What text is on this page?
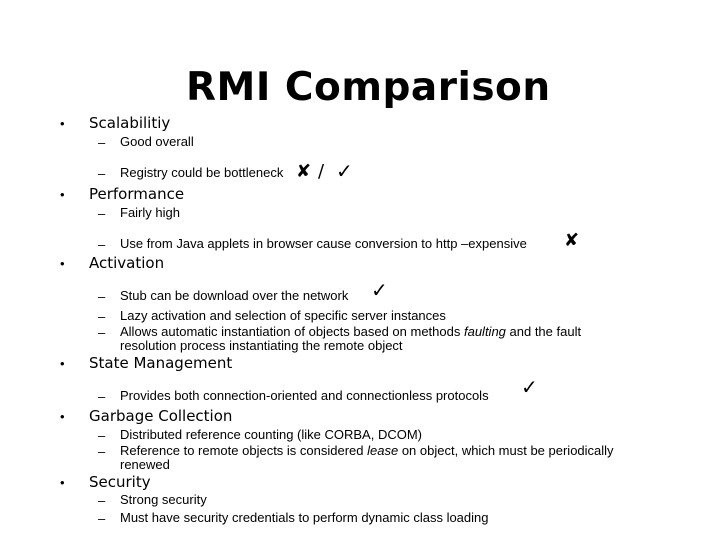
RMI Comparison
• Scalabilitiy
– Good overall
– Registry could be bottleneck ✘ / ✓
• Performance
– Fairly high
– Use from Java applets in browser cause conversion to http –expensive ✘
• Activation
– Stub can be download over the network ✓
– Lazy activation and selection of specific server instances
– Allows automatic instantiation of objects based on methods faulting and the fault
resolution process instantiating the remote object
• State Management
– Provides both connection-oriented and connectionless protocols ✓
• Garbage Collection
– Distributed reference counting (like CORBA, DCOM)
– Reference to remote objects is considered lease on object, which must be periodically
renewed
• Security
– Strong security
– Must have security credentials to perform dynamic class loading
